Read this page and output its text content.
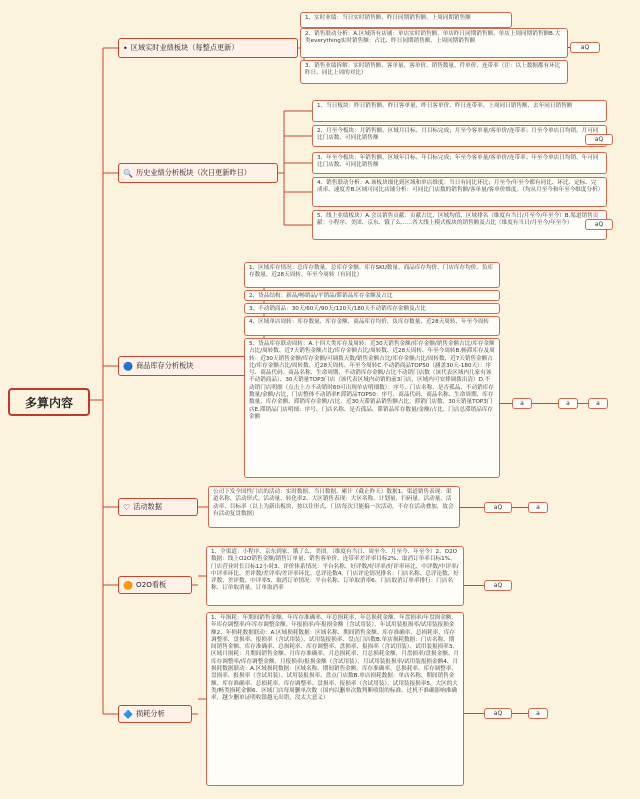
多算内容
• 区域实时业绩板块（每整点更新）
1、实时业绩：当日实时销售额、昨日同期销售额、上周同期销售额
2、销售联动分析：A.区域所有店铺：单店实时销售额、单店昨日同期销售额、单店上周同期销售额B.大类everything实时销售额：占比、昨日同期销售额、上周同期销售额
3、销售业绩拆解：实时销售额、客单量、客单价、销售数量、件单价、连带率（注：以上数据都有环比昨日、同比上周的对比）
aQ
🔍 历史业绩分析板块（次日更新昨日）
1、当日板块：昨日销售额、昨日客单量、昨日客单价、昨日连带率、上周同日销售额、去年同日销售额
2、月至今板块：月销售额、区域月目标、月目标完成；月至今客单量/客单价/连带率；月至今单店日均销、月可同比门店数、可同比销售额
3、年至今板块：年销售额、区域年目标、年目标完成；年至今客单量/客单价/连带率；年至今单店日均销、年可同比门店数、可同比销售额
4、销售联动分析：A.该板块细化到区域和单店维度：当日有同比环比；月至今/年至今都有同比、环比、定标、完成率、速度差B.区域可同比店铺分析：可同比门店数的销售额/客单量/客单价维度。（均从月至今和年至今维度分析）
5、线上业绩板块）A.会员销售贡献：贡献占比、区域均值、区域排名（维度有当日/月至今/年至今）B.渠道销售贡献：小程序、美团、京东、饿了么……各大线上模式板块的销售额及占比（维度有当日/月至今/年至今）
aQ
aQ
🔵 商品库存分析板块
1、区域库存情况：总库存数量、总库存金额、库存SKU数量、商品库存均价、门店库存均价、负库存数量、近28天周转、年至今周转（有同比）
2、货品结构：新品/畅销品/平销品/滞销品库存金额及占比
3、不动销商品：30天/60天/90天/120天/180天不动销库存金额及占比
4、区域单店周转：库存数量、库存金额、商品库存均价、负库存数量、近28天周转、年至今周转
5、货品库存联动周转：A.十四大类库存及周转：近30天销售金额/库存金额/销售金额占比/库存金额占比/周转数、近7天销售金额占比/库存金额占比/周转数、近28天周转、年至今周转B.畅滞库存及周转：近30天销售金额/库存金额/可调拨天数/销售金额占比/库存金额占比/周转数、近7天销售金额占比/库存金额占比/周转数、近28天周转、年至今周转C.不动销商品TOP50（涵盖30天-180天）：序号、商品代码、商品名称、生命周期、不动销库存金额/占比不动销门店数（该代表区域内几家有该不动销商品）、30天销量TOP3门店（该代表区域内动销的前3门店，区域内可安排调拨出清）D.不动销门店明细（点击上方不动销时60可出现单店明细数）：序号、门店名称、是否孤品、不动销库存数量/金额/占比，门店整体不动销率F.滞销品TOP50：序号、商品代码、商品名称、生命周期、库存数量、库存金额、滞销库存金额/占比、近30天滞销品销售额占比、滞销门店数、30天销量TOP3门店E.滞销品门店明细：序号、门店名称、是否孤品、滞销品库存数量/金额/占比、门店总滞销品库存金额
a	a	a
♡ 活动数据
公司下发全国性门店的活动：实时数据、当日数据、累计（截止昨天）数据1、渠道销售表现：渠道名称、活动形式、活动量、转化率2、大区销售表现：大区名称、计划量、扫码量、活动量、活动率、目标率（以上为新出板块，按以往形式，门店每次只能搞一次活动，不存在活动叠加，故会有活动复盘数据）
aQ	a
🟠 O2O看板
1、全渠道：小程序、京东到家、饿了么、美团。（维度有当日、周至今、月至今、年至今）2、O2O数据：线上O2O销售金额/销售订单量、销售客单价、连带率差评率目标2%、取消订单率目标1%、门店营业时长目标12小时3、评价体系情况：平台名称、好评数/好评率/好评率环比、中评数/中评率/中评率环比、差评数/差评率/差评率环比、总评论数4、门店评论情况排名：门店名称、总评论数、好评数、差评数、中评率5、取消订单情况：平台名称、订单取消率6、门店取消订单率排行：门店名称、订单取消量、订单取消率	aQ
🔷 损耗分析
1、年损耗：年期间销售金额、年库存准确率、年总损耗率、年总损耗金额、年盘损率/年盘损金额、年库存调整率/年库存调整金额、年报损率/年报损金额（含试用装）、年试用装报损率/试用装报损金额2、年损耗数据联动：A.区域损耗数据：区域名称、期间销售金额、库存准确率、总损耗率、库存调整率、盘损率、报损率（含试用装）、试用装报损率、盘点门店数B.单店损耗数据：门店名称、期间销售金额、库存准确率、总损耗率、库存调整率、盘损率、报损率（含试用装）、试用装报损率3、区域月损耗：月期间销售金额、月库存准确率、月总损耗率、月总损耗金额、月盘损率/盘损金额、月库存调整率/库存调整金额、月报损率/报损金额（含试用装）、月试用装报损率/试用装报损金额4、月损耗数据联动：A.区域损耗数据：区域名称、期间销售金额、库存准确率、总损耗率、库存调整率、盘损率、报损率（含试用装）、试用装报损率、盘点门店数B.单店损耗数据：单店名称、期间销售金额、库存准确率、总损耗率、库存调整率、盘损率、报损率（含试用装）、试用装报损率5、大区的大类/畅类损耗金额6、区域门店每周删单次数（国内以删单次数判断收银的标准。过机不准确影响准确率，越少删单证明收银越无出错，没太大意义）
aQ	a
